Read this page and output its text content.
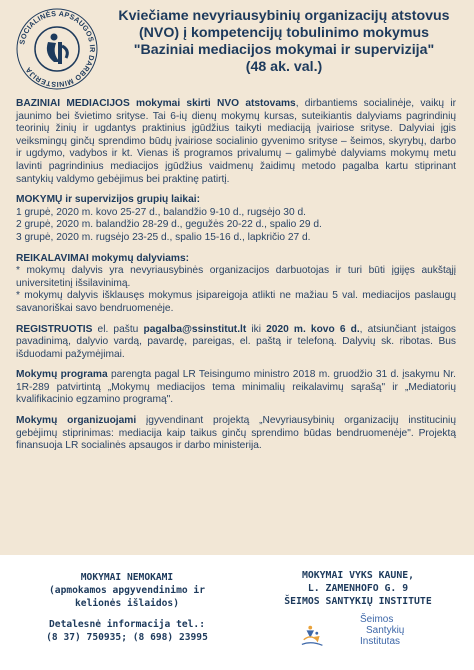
SOCIALINĖS APSAUGOS IR DARBO MINISTERIJA
Kviečiame nevyriausybinių organizacijų atstovus
(NVO) į kompetencijų tobulinimo mokymus
"Baziniai mediacijos mokymai ir supervizija"
(48 ak. val.)

BAZINIAI MEDIACIJOS mokymai skirti NVO atstovams, dirbantiems socialinėje, vaikų ir jaunimo bei švietimo srityse. Tai 6-ių dienų mokymų kursas, suteikiantis dalyviams pagrindinių teorinių žinių ir ugdantys praktinius įgūdžius taikyti mediaciją įvairiose srityse. Dalyviai įgis veiksmingų ginčų sprendimo būdų įvairiose socialinio gyvenimo srityse – šeimos, skyrybų, darbo ir ugdymo, vadybos ir kt. Vienas iš programos privalumų – galimybė dalyviams mokymų metu lavinti pagrindinius mediacijos įgūdžius vaidmenų žaidimų metodo pagalba kartu stiprinant santykių valdymo gebėjimus bei praktinę patirtį.

MOKYMŲ ir supervizijos grupių laikai:

1 grupė, 2020 m. kovo 25-27 d., balandžio 9-10 d., rugsėjo 30 d.

2 grupė, 2020 m. balandžio 28-29 d., gegužės 20-22 d., spalio 29 d.

3 grupė, 2020 m. rugsėjo 23-25 d., spalio 15-16 d., lapkričio 27 d.

REIKALAVIMAI mokymų dalyviams:

* mokymų dalyvis yra nevyriausybinės organizacijos darbuotojas ir turi būti įgijęs aukštąjį universitetinį išsilavinimą.

* mokymų dalyvis išklausęs mokymus įsipareigoja atlikti ne mažiau 5 val. mediacijos paslaugų savanoriškai savo bendruomenėje.

REGISTRUOTIS el. paštu pagalba@ssinstitut.lt iki 2020 m. kovo 6 d., atsiunčiant įstaigos pavadinimą, dalyvio vardą, pavardę, pareigas, el. paštą ir telefoną. Dalyvių sk. ribotas. Bus išduodami pažymėjimai.

Mokymų programa parengta pagal LR Teisingumo ministro 2018 m. gruodžio 31 d. įsakymu Nr. 1R-289 patvirtintą „Mokymų mediacijos tema minimalių reikalavimų sąrašą" ir „Mediatorių kvalifikacinio egzamino programą".

Mokymų organizuojami įgyvendinant projektą „Nevyriausybinių organizacijų institucinių gebėjimų stiprinimas: mediacija kaip taikus ginčų sprendimo būdas bendruomenėje". Projektą finansuoja LR socialinės apsaugos ir darbo ministerija.

MOKYMAI NEMOKAMI
(apmokamos apgyvendinimo ir
kelionės išlaidos)
Detalesnė informacija tel.:
(8 37) 750935; (8 698) 23995
MOKYMAI VYKS KAUNE,
L. ZAMENHOFO G. 9
ŠEIMOS SANTYKIŲ INSTITUTE
Šeimos
Santykių
Institutas
